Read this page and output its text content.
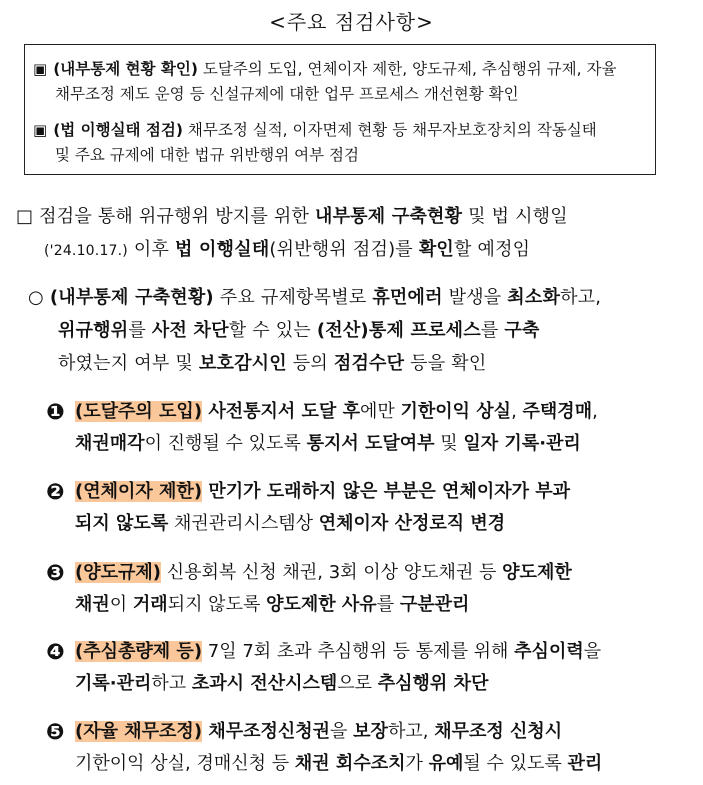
<주요 점검사항>
▣ (내부통제 현황 확인) 도달주의 도입, 연체이자 제한, 양도규제, 추심행위 규제, 자율
채무조정 제도 운영 등 신설규제에 대한 업무 프로세스 개선현황 확인
▣ (법 이행실태 점검) 채무조정 실적, 이자면제 현황 등 채무자보호장치의 작동실태
및 주요 규제에 대한 법규 위반행위 여부 점검
□ 점검을 통해 위규행위 방지를 위한 내부통제 구축현황 및 법 시행일
('24.10.17.) 이후 법 이행실태(위반행위 점검)를 확인할 예정임
○ (내부통제 구축현황) 주요 규제항목별로 휴먼에러 발생을 최소화하고,
위규행위를 사전 차단할 수 있는 (전산)통제 프로세스를 구축
하였는지 여부 및 보호감시인 등의 점검수단 등을 확인
❶ (도달주의 도입) 사전통지서 도달 후에만 기한이익 상실, 주택경매,
채권매각이 진행될 수 있도록 통지서 도달여부 및 일자 기록·관리
❷ (연체이자 제한) 만기가 도래하지 않은 부분은 연체이자가 부과
되지 않도록 채권관리시스템상 연체이자 산정로직 변경
❸ (양도규제) 신용회복 신청 채권, 3회 이상 양도채권 등 양도제한
채권이 거래되지 않도록 양도제한 사유를 구분관리
❹ (추심총량제 등) 7일 7회 초과 추심행위 등 통제를 위해 추심이력을
기록·관리하고 초과시 전산시스템으로 추심행위 차단
❺ (자율 채무조정) 채무조정신청권을 보장하고, 채무조정 신청시
기한이익 상실, 경매신청 등 채권 회수조치가 유예될 수 있도록 관리
